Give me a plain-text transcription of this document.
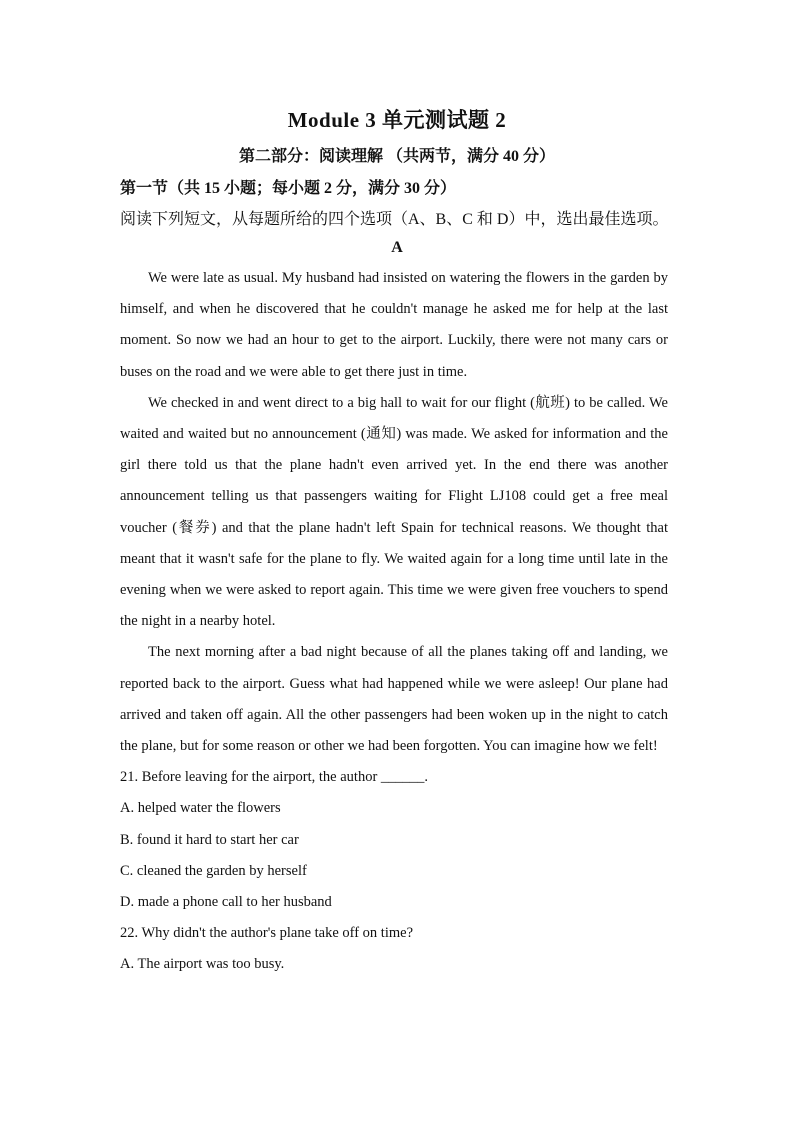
Module 3 单元测试题 2
第二部分：阅读理解 （共两节，满分 40 分）
第一节（共 15 小题；每小题 2 分，满分 30 分）
阅读下列短文，从每题所给的四个选项（A、B、C 和 D）中，选出最佳选项。
A

We were late as usual. My husband had insisted on watering the flowers in the garden by himself, and when he discovered that he couldn't manage he asked me for help at the last moment. So now we had an hour to get to the airport. Luckily, there were not many cars or buses on the road and we were able to get there just in time.

We checked in and went direct to a big hall to wait for our flight (航班) to be called. We waited and waited but no announcement (通知) was made. We asked for information and the girl there told us that the plane hadn't even arrived yet. In the end there was another announcement telling us that passengers waiting for Flight LJ108 could get a free meal voucher (餐券) and that the plane hadn't left Spain for technical reasons. We thought that meant that it wasn't safe for the plane to fly. We waited again for a long time until late in the evening when we were asked to report again. This time we were given free vouchers to spend the night in a nearby hotel.

The next morning after a bad night because of all the planes taking off and landing, we reported back to the airport. Guess what had happened while we were asleep! Our plane had arrived and taken off again. All the other passengers had been woken up in the night to catch the plane, but for some reason or other we had been forgotten. You can imagine how we felt!

21. Before leaving for the airport, the author ______.

A. helped water the flowers

B. found it hard to start her car

C. cleaned the garden by herself

D. made a phone call to her husband

22. Why didn't the author's plane take off on time?

A. The airport was too busy.
